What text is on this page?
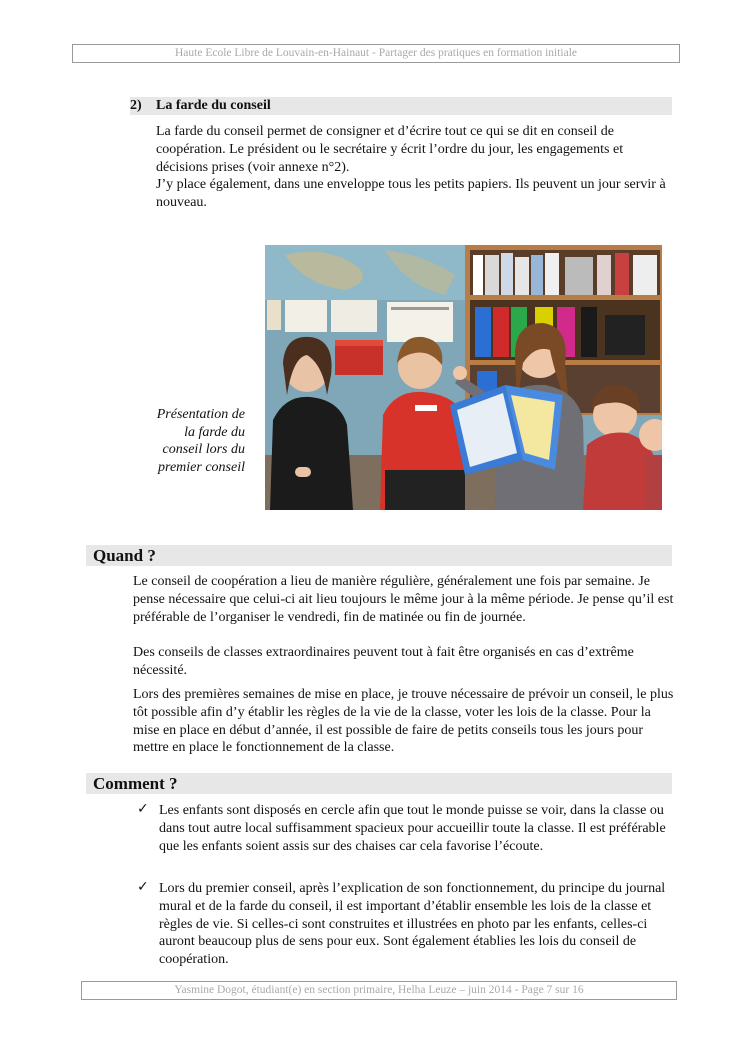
Haute Ecole Libre de Louvain-en-Hainaut - Partager des pratiques en formation initiale
2) La farde du conseil

La farde du conseil permet de consigner et d’écrire tout ce qui se dit en conseil de coopération. Le président ou le secrétaire y écrit l’ordre du jour, les engagements et décisions prises (voir annexe n°2).

J’y place également, dans une enveloppe tous les petits papiers. Ils peuvent un jour servir à nouveau.

Présentation de la farde du conseil lors du premier conseil
Quand ?

Le conseil de coopération a lieu de manière régulière, généralement une fois par semaine. Je pense nécessaire que celui-ci ait lieu toujours le même jour à la même période. Je pense qu’il est préférable de l’organiser le vendredi, fin de matinée ou fin de journée.

Des conseils de classes extraordinaires peuvent tout à fait être organisés en cas d’extrême nécessité.

Lors des premières semaines de mise en place, je trouve nécessaire de prévoir un conseil, le plus tôt possible afin d’y établir les règles de la vie de la classe, voter les lois de la classe. Pour la mise en place en début d’année, il est possible de faire de petits conseils tous les jours pour mettre en place le fonctionnement de la classe.

Comment ?
✓ Les enfants sont disposés en cercle afin que tout le monde puisse se voir, dans la classe ou dans tout autre local suffisamment spacieux pour accueillir toute la classe. Il est préférable que les enfants soient assis sur des chaises car cela favorise l’écoute.

✓ Lors du premier conseil, après l’explication de son fonctionnement, du principe du journal mural et de la farde du conseil, il est important d’établir ensemble les lois de la classe et règles de vie. Si celles-ci sont construites et illustrées en photo par les enfants, celles-ci auront beaucoup plus de sens pour eux. Sont également établies les lois du conseil de coopération.

Yasmine Dogot, étudiant(e) en section primaire, Helha Leuze – juin 2014 - Page 7 sur 16
